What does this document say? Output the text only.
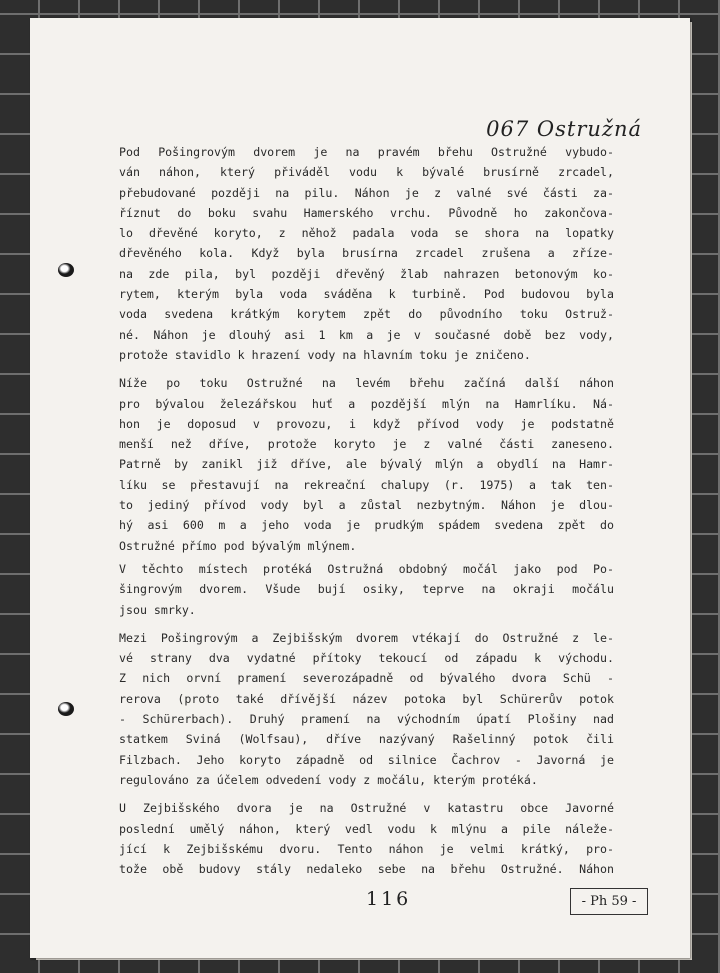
067 Ostružná
Pod Pošingrovým dvorem je na pravém břehu Ostružné vybudo-
ván náhon, který přiváděl vodu k bývalé brusírně zrcadel,
přebudované později na pilu. Náhon je z valné své části za-
říznut do boku svahu Hamerského vrchu. Původně ho zakončova-
lo dřevěné koryto, z něhož padala voda se shora na lopatky
dřevěného kola. Když byla brusírna zrcadel zrušena a zříze-
na zde pila, byl později dřevěný žlab nahrazen betonovým ko-
rytem, kterým byla voda sváděna k turbině. Pod budovou byla
voda svedena krátkým korytem zpět do původního toku Ostruž-
né. Náhon je dlouhý asi 1 km a je v současné době bez vody,
protože stavidlo k hrazení vody na hlavním toku je zničeno.
Níže po toku Ostružné na levém břehu začíná další náhon
pro bývalou železářskou huť a pozdější mlýn na Hamrlíku. Ná-
hon je doposud v provozu, i když přívod vody je podstatně
menší než dříve, protože koryto je z valné části zaneseno.
Patrně by zanikl již dříve, ale bývalý mlýn a obydlí na Hamr-
líku se přestavují na rekreační chalupy (r. 1975) a tak ten-
to jediný přívod vody byl a zůstal nezbytným. Náhon je dlou-
hý asi 600 m a jeho voda je prudkým spádem svedena zpět do
Ostružné přímo pod bývalým mlýnem.
V těchto místech protéká Ostružná obdobný močál jako pod Po-
šingrovým dvorem. Všude bují osiky, teprve na okraji močálu
jsou smrky.
Mezi Pošingrovým a Zejbišským dvorem vtékají do Ostružné z le-
vé strany dva vydatné přítoky tekoucí od západu k východu.
Z nich orvní pramení severozápadně od bývalého dvora Schü -
rerova (proto také dřívější název potoka byl Schürerův potok
- Schürerbach). Druhý pramení na východním úpatí Plošiny nad
statkem Sviná (Wolfsau), dříve nazývaný Rašelinný potok čili
Filzbach. Jeho koryto západně od silnice Čachrov - Javorná je
regulováno za účelem odvedení vody z močálu, kterým protéká.
U Zejbišského dvora je na Ostružné v katastru obce Javorné
poslední umělý náhon, který vedl vodu k mlýnu a pile náleže-
jící k Zejbišskému dvoru. Tento náhon je velmi krátký, pro-
tože obě budovy stály nedaleko sebe na břehu Ostružné. Náhon
116	- Ph 59 -
